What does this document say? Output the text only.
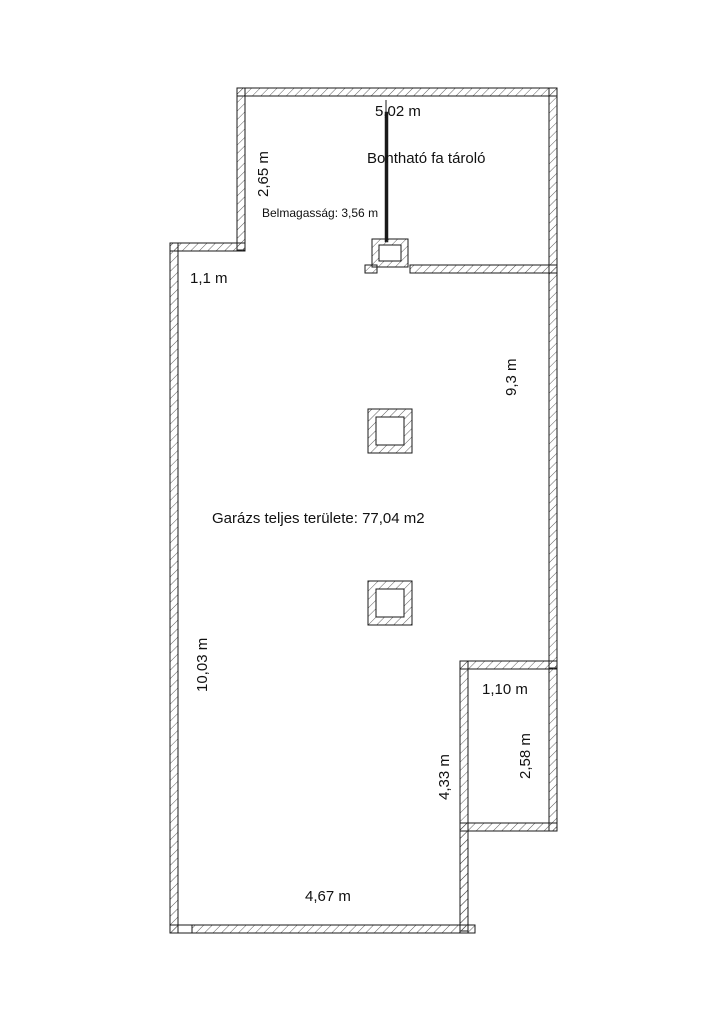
5,02 m
2,65 m	Bontható fa tároló
Belmagasság: 3,56 m
1,1 m
9,3 m
Garázs teljes területe: 77,04 m2
10,03 m	1,10 m
2,58 m
4,33 m
4,67 m
